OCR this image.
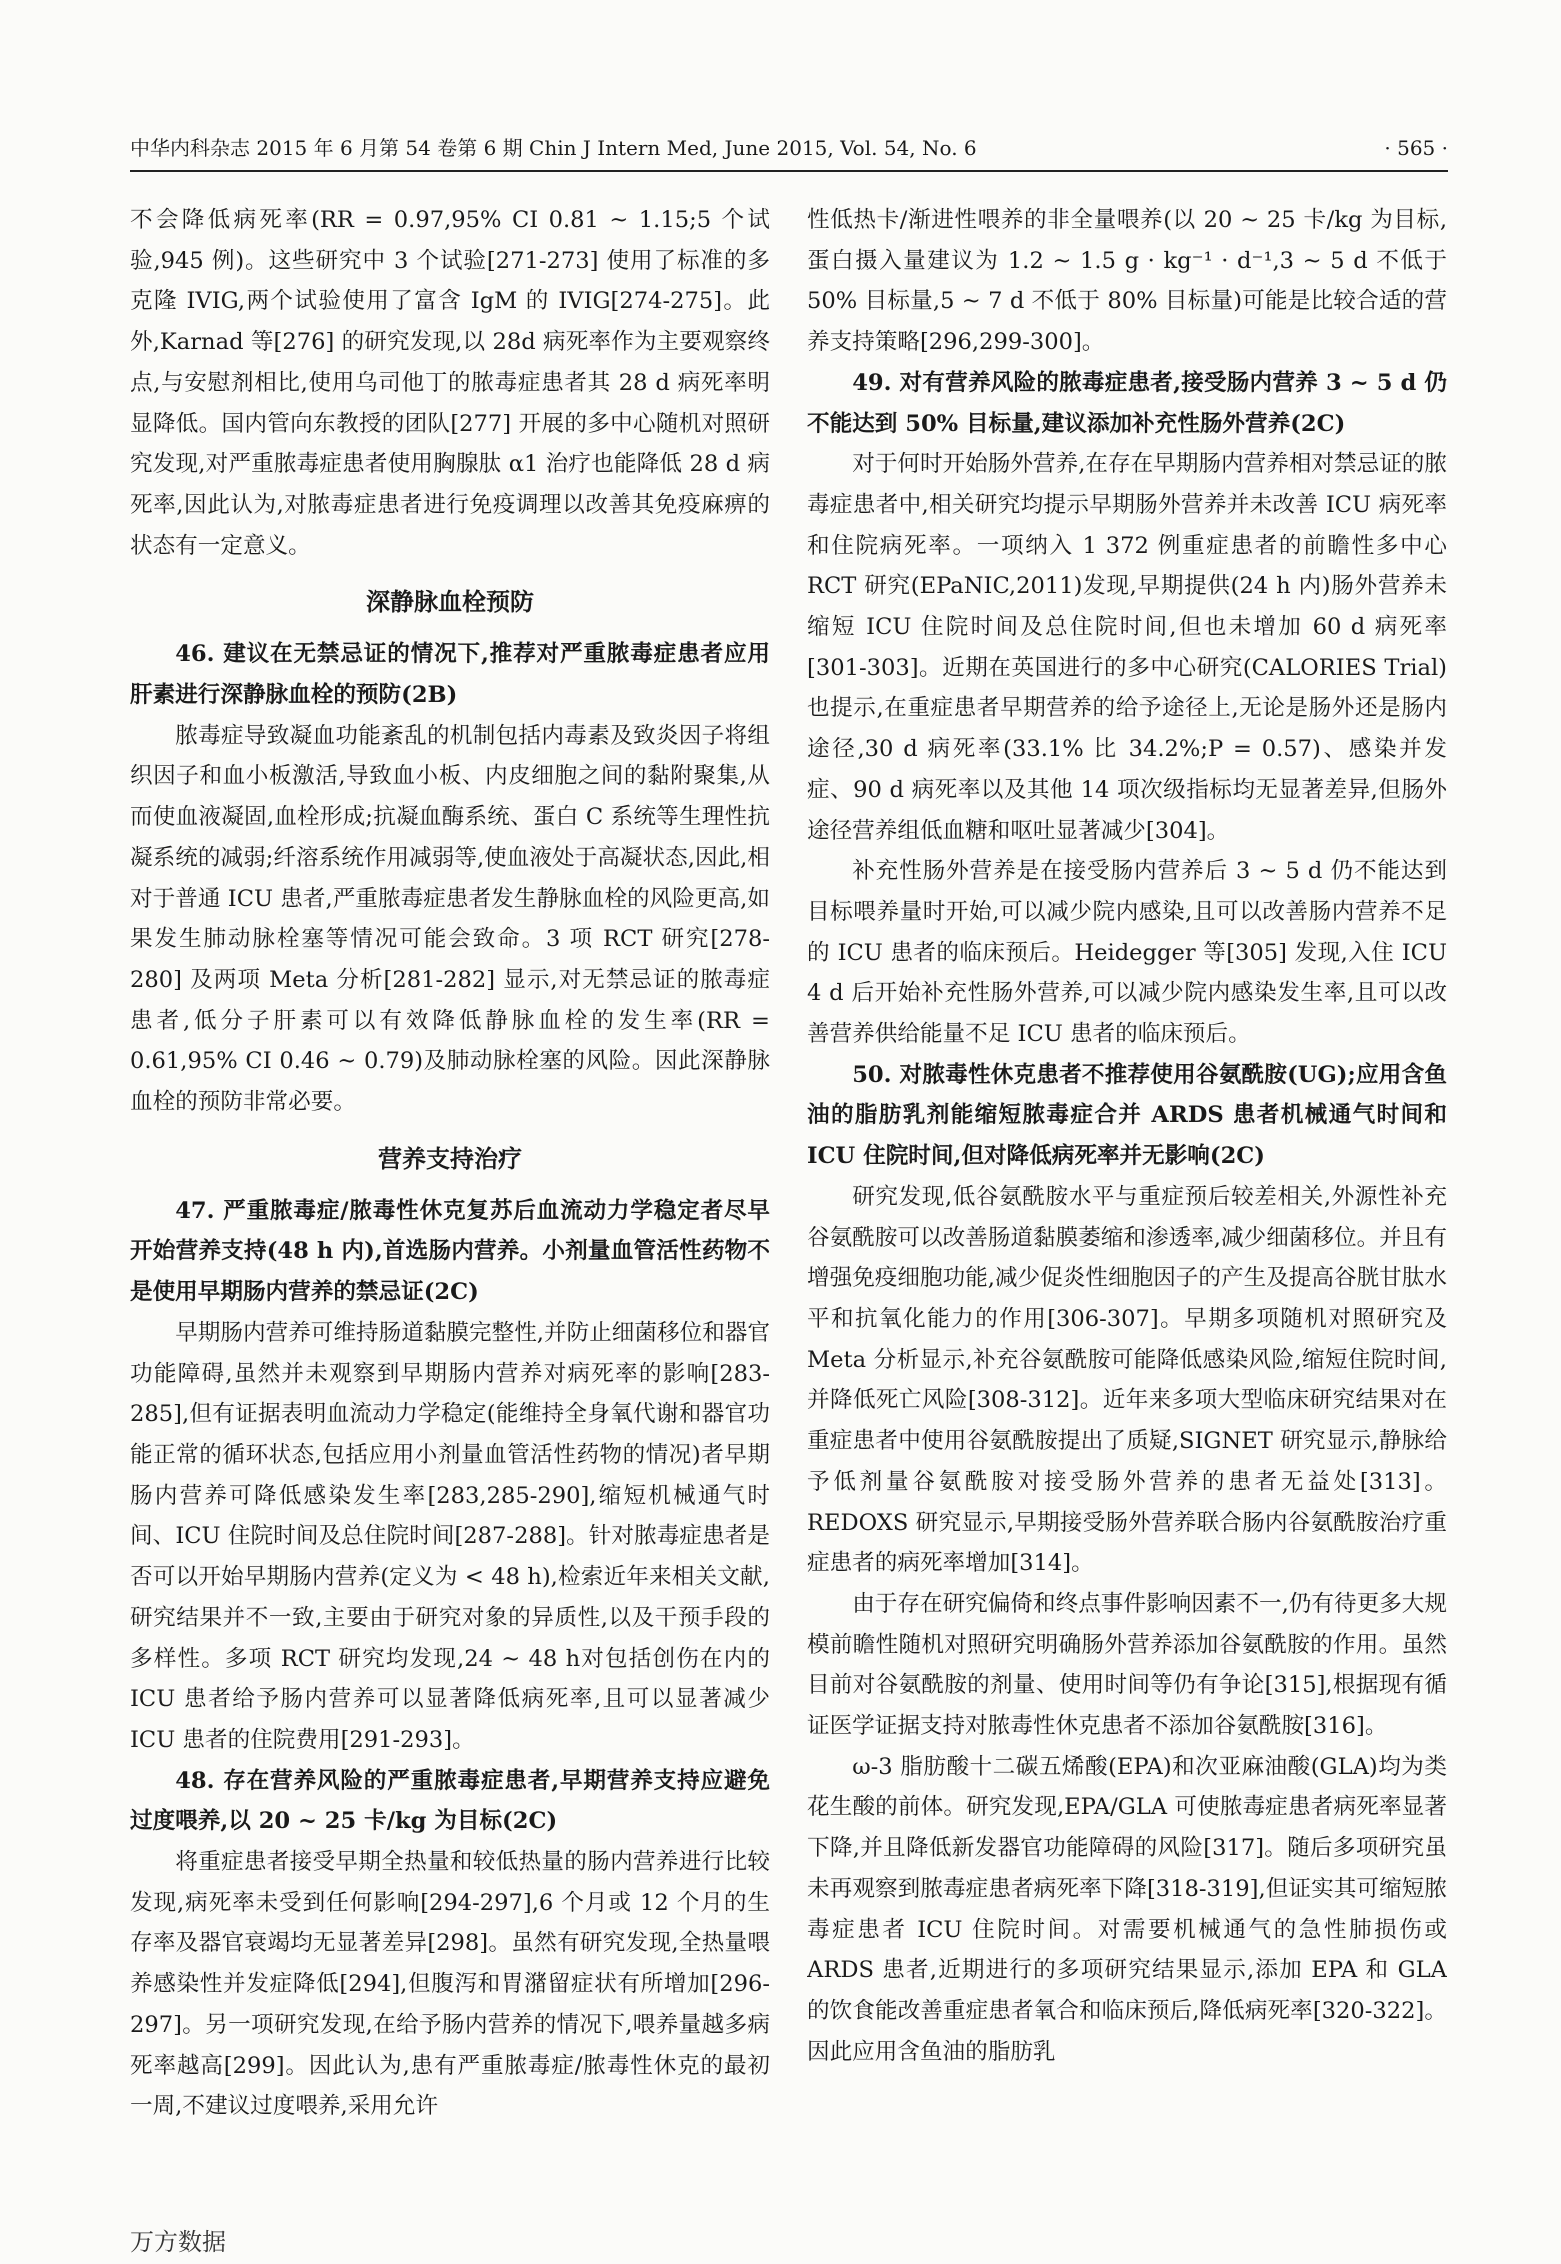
中华内科杂志 2015 年 6 月第 54 卷第 6 期 Chin J Intern Med, June 2015, Vol. 54, No. 6	· 565 ·

不会降低病死率(RR = 0.97,95% CI 0.81 ~ 1.15;5 个试验,945 例)。这些研究中 3 个试验[271-273] 使用了标准的多克隆 IVIG,两个试验使用了富含 IgM 的 IVIG[274-275]。此外,Karnad 等[276] 的研究发现,以 28d 病死率作为主要观察终点,与安慰剂相比,使用乌司他丁的脓毒症患者其 28 d 病死率明显降低。国内管向东教授的团队[277] 开展的多中心随机对照研究发现,对严重脓毒症患者使用胸腺肽 α1 治疗也能降低 28 d 病死率,因此认为,对脓毒症患者进行免疫调理以改善其免疫麻痹的状态有一定意义。

深静脉血栓预防

46. 建议在无禁忌证的情况下,推荐对严重脓毒症患者应用肝素进行深静脉血栓的预防(2B)

脓毒症导致凝血功能紊乱的机制包括内毒素及致炎因子将组织因子和血小板激活,导致血小板、内皮细胞之间的黏附聚集,从而使血液凝固,血栓形成;抗凝血酶系统、蛋白 C 系统等生理性抗凝系统的减弱;纤溶系统作用减弱等,使血液处于高凝状态,因此,相对于普通 ICU 患者,严重脓毒症患者发生静脉血栓的风险更高,如果发生肺动脉栓塞等情况可能会致命。3 项 RCT 研究[278-280] 及两项 Meta 分析[281-282] 显示,对无禁忌证的脓毒症患者,低分子肝素可以有效降低静脉血栓的发生率(RR = 0.61,95% CI 0.46 ~ 0.79)及肺动脉栓塞的风险。因此深静脉血栓的预防非常必要。

营养支持治疗

47. 严重脓毒症/脓毒性休克复苏后血流动力学稳定者尽早开始营养支持(48 h 内),首选肠内营养。小剂量血管活性药物不是使用早期肠内营养的禁忌证(2C)

早期肠内营养可维持肠道黏膜完整性,并防止细菌移位和器官功能障碍,虽然并未观察到早期肠内营养对病死率的影响[283-285],但有证据表明血流动力学稳定(能维持全身氧代谢和器官功能正常的循环状态,包括应用小剂量血管活性药物的情况)者早期肠内营养可降低感染发生率[283,285-290],缩短机械通气时间、ICU 住院时间及总住院时间[287-288]。针对脓毒症患者是否可以开始早期肠内营养(定义为 < 48 h),检索近年来相关文献,研究结果并不一致,主要由于研究对象的异质性,以及干预手段的多样性。多项 RCT 研究均发现,24 ~ 48 h对包括创伤在内的 ICU 患者给予肠内营养可以显著降低病死率,且可以显著减少 ICU 患者的住院费用[291-293]。

48. 存在营养风险的严重脓毒症患者,早期营养支持应避免过度喂养,以 20 ~ 25 卡/kg 为目标(2C)

将重症患者接受早期全热量和较低热量的肠内营养进行比较发现,病死率未受到任何影响[294-297],6 个月或 12 个月的生存率及器官衰竭均无显著差异[298]。虽然有研究发现,全热量喂养感染性并发症降低[294],但腹泻和胃潴留症状有所增加[296-297]。另一项研究发现,在给予肠内营养的情况下,喂养量越多病死率越高[299]。因此认为,患有严重脓毒症/脓毒性休克的最初一周,不建议过度喂养,采用允许

性低热卡/渐进性喂养的非全量喂养(以 20 ~ 25 卡/kg 为目标,蛋白摄入量建议为 1.2 ~ 1.5 g · kg⁻¹ · d⁻¹,3 ~ 5 d 不低于 50% 目标量,5 ~ 7 d 不低于 80% 目标量)可能是比较合适的营养支持策略[296,299-300]。

49. 对有营养风险的脓毒症患者,接受肠内营养 3 ~ 5 d 仍不能达到 50% 目标量,建议添加补充性肠外营养(2C)

对于何时开始肠外营养,在存在早期肠内营养相对禁忌证的脓毒症患者中,相关研究均提示早期肠外营养并未改善 ICU 病死率和住院病死率。一项纳入 1 372 例重症患者的前瞻性多中心 RCT 研究(EPaNIC,2011)发现,早期提供(24 h 内)肠外营养未缩短 ICU 住院时间及总住院时间,但也未增加 60 d 病死率[301-303]。近期在英国进行的多中心研究(CALORIES Trial)也提示,在重症患者早期营养的给予途径上,无论是肠外还是肠内途径,30 d 病死率(33.1% 比 34.2%;P = 0.57)、感染并发症、90 d 病死率以及其他 14 项次级指标均无显著差异,但肠外途径营养组低血糖和呕吐显著减少[304]。

补充性肠外营养是在接受肠内营养后 3 ~ 5 d 仍不能达到目标喂养量时开始,可以减少院内感染,且可以改善肠内营养不足的 ICU 患者的临床预后。Heidegger 等[305] 发现,入住 ICU 4 d 后开始补充性肠外营养,可以减少院内感染发生率,且可以改善营养供给能量不足 ICU 患者的临床预后。

50. 对脓毒性休克患者不推荐使用谷氨酰胺(UG);应用含鱼油的脂肪乳剂能缩短脓毒症合并 ARDS 患者机械通气时间和 ICU 住院时间,但对降低病死率并无影响(2C)

研究发现,低谷氨酰胺水平与重症预后较差相关,外源性补充谷氨酰胺可以改善肠道黏膜萎缩和渗透率,减少细菌移位。并且有增强免疫细胞功能,减少促炎性细胞因子的产生及提高谷胱甘肽水平和抗氧化能力的作用[306-307]。早期多项随机对照研究及 Meta 分析显示,补充谷氨酰胺可能降低感染风险,缩短住院时间,并降低死亡风险[308-312]。近年来多项大型临床研究结果对在重症患者中使用谷氨酰胺提出了质疑,SIGNET 研究显示,静脉给予低剂量谷氨酰胺对接受肠外营养的患者无益处[313]。REDOXS 研究显示,早期接受肠外营养联合肠内谷氨酰胺治疗重症患者的病死率增加[314]。

由于存在研究偏倚和终点事件影响因素不一,仍有待更多大规模前瞻性随机对照研究明确肠外营养添加谷氨酰胺的作用。虽然目前对谷氨酰胺的剂量、使用时间等仍有争论[315],根据现有循证医学证据支持对脓毒性休克患者不添加谷氨酰胺[316]。

ω-3 脂肪酸十二碳五烯酸(EPA)和次亚麻油酸(GLA)均为类花生酸的前体。研究发现,EPA/GLA 可使脓毒症患者病死率显著下降,并且降低新发器官功能障碍的风险[317]。随后多项研究虽未再观察到脓毒症患者病死率下降[318-319],但证实其可缩短脓毒症患者 ICU 住院时间。对需要机械通气的急性肺损伤或 ARDS 患者,近期进行的多项研究结果显示,添加 EPA 和 GLA 的饮食能改善重症患者氧合和临床预后,降低病死率[320-322]。因此应用含鱼油的脂肪乳

万方数据
